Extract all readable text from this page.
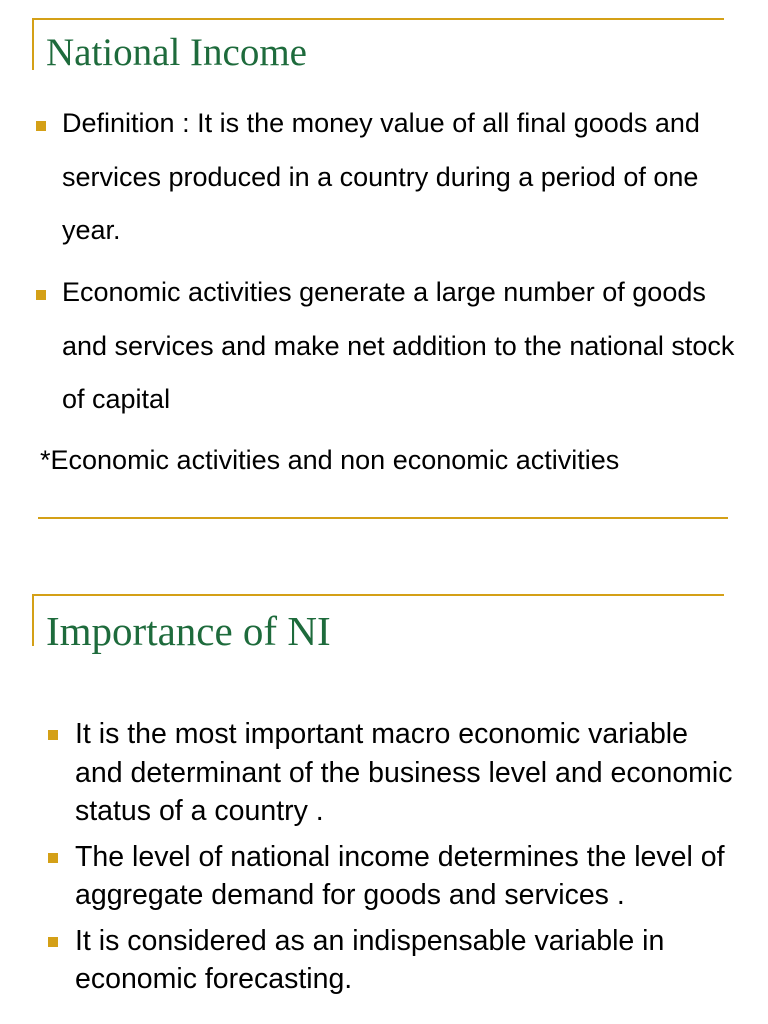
National Income

Definition : It is the money value of all final goods and services produced in a country during a period of one year.

Economic activities generate a large number of goods and services and make net addition to the national stock of capital

*Economic activities and non economic activities

Importance of NI
It is the most important macro economic variable and determinant of the business level and economic status of a country .
The level of national income determines the level of aggregate demand for goods and services .
It is considered as an indispensable variable in economic forecasting.
